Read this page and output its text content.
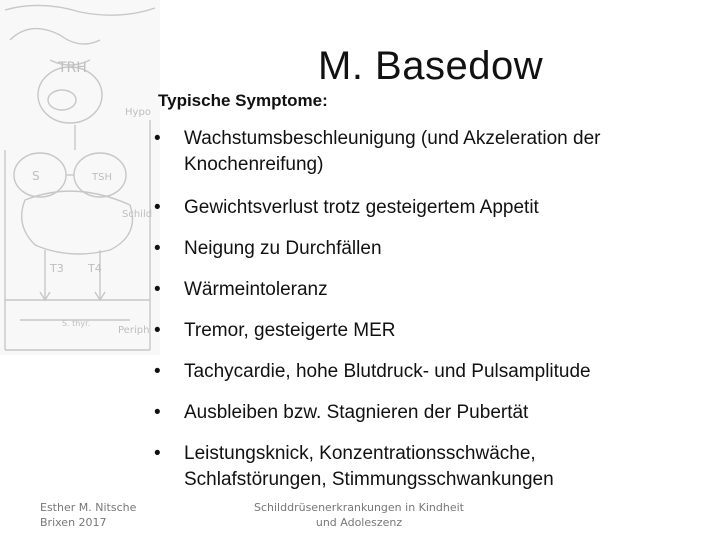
TRH
Hypo
S	TSH
Schild
T3 T4
S. thyr.
Periph
M. Basedow
Typische Symptome:
• Wachstumsbeschleunigung (und Akzeleration der Knochenreifung)
• Gewichtsverlust trotz gesteigertem Appetit
• Neigung zu Durchfällen
• Wärmeintoleranz
• Tremor, gesteigerte MER
• Tachycardie, hohe Blutdruck- und Pulsamplitude
• Ausbleiben bzw. Stagnieren der Pubertät
• Leistungsknick, Konzentrationsschwäche, Schlafstörungen, Stimmungsschwankungen
Esther M. Nitsche
Brixen 2017
Schilddrüsenerkrankungen in Kindheit
und Adoleszenz
